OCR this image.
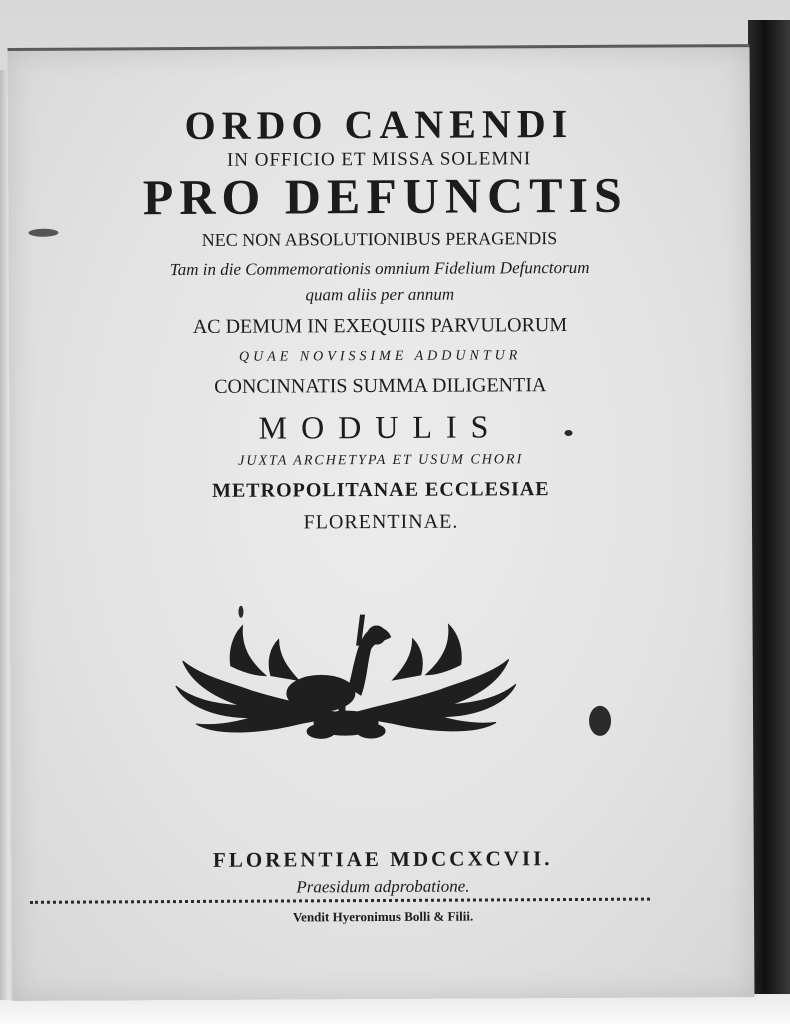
ORDO CANENDI
IN OFFICIO ET MISSA SOLEMNI
PRO DEFUNCTIS
NEC NON ABSOLUTIONIBUS PERAGENDIS
Tam in die Commemorationis omnium Fidelium Defunctorum
quam aliis per annum
AC DEMUM IN EXEQUIIS PARVULORUM
QUAE NOVISSIME ADDUNTUR
CONCINNATIS SUMMA DILIGENTIA
MODULIS
JUXTA ARCHETYPA ET USUM CHORI
METROPOLITANAE ECCLESIAE
FLORENTINAE.
FLORENTIAE MDCCXCVII.
Praesidum adprobatione.
Vendit Hyeronimus Bolli & Filii.
